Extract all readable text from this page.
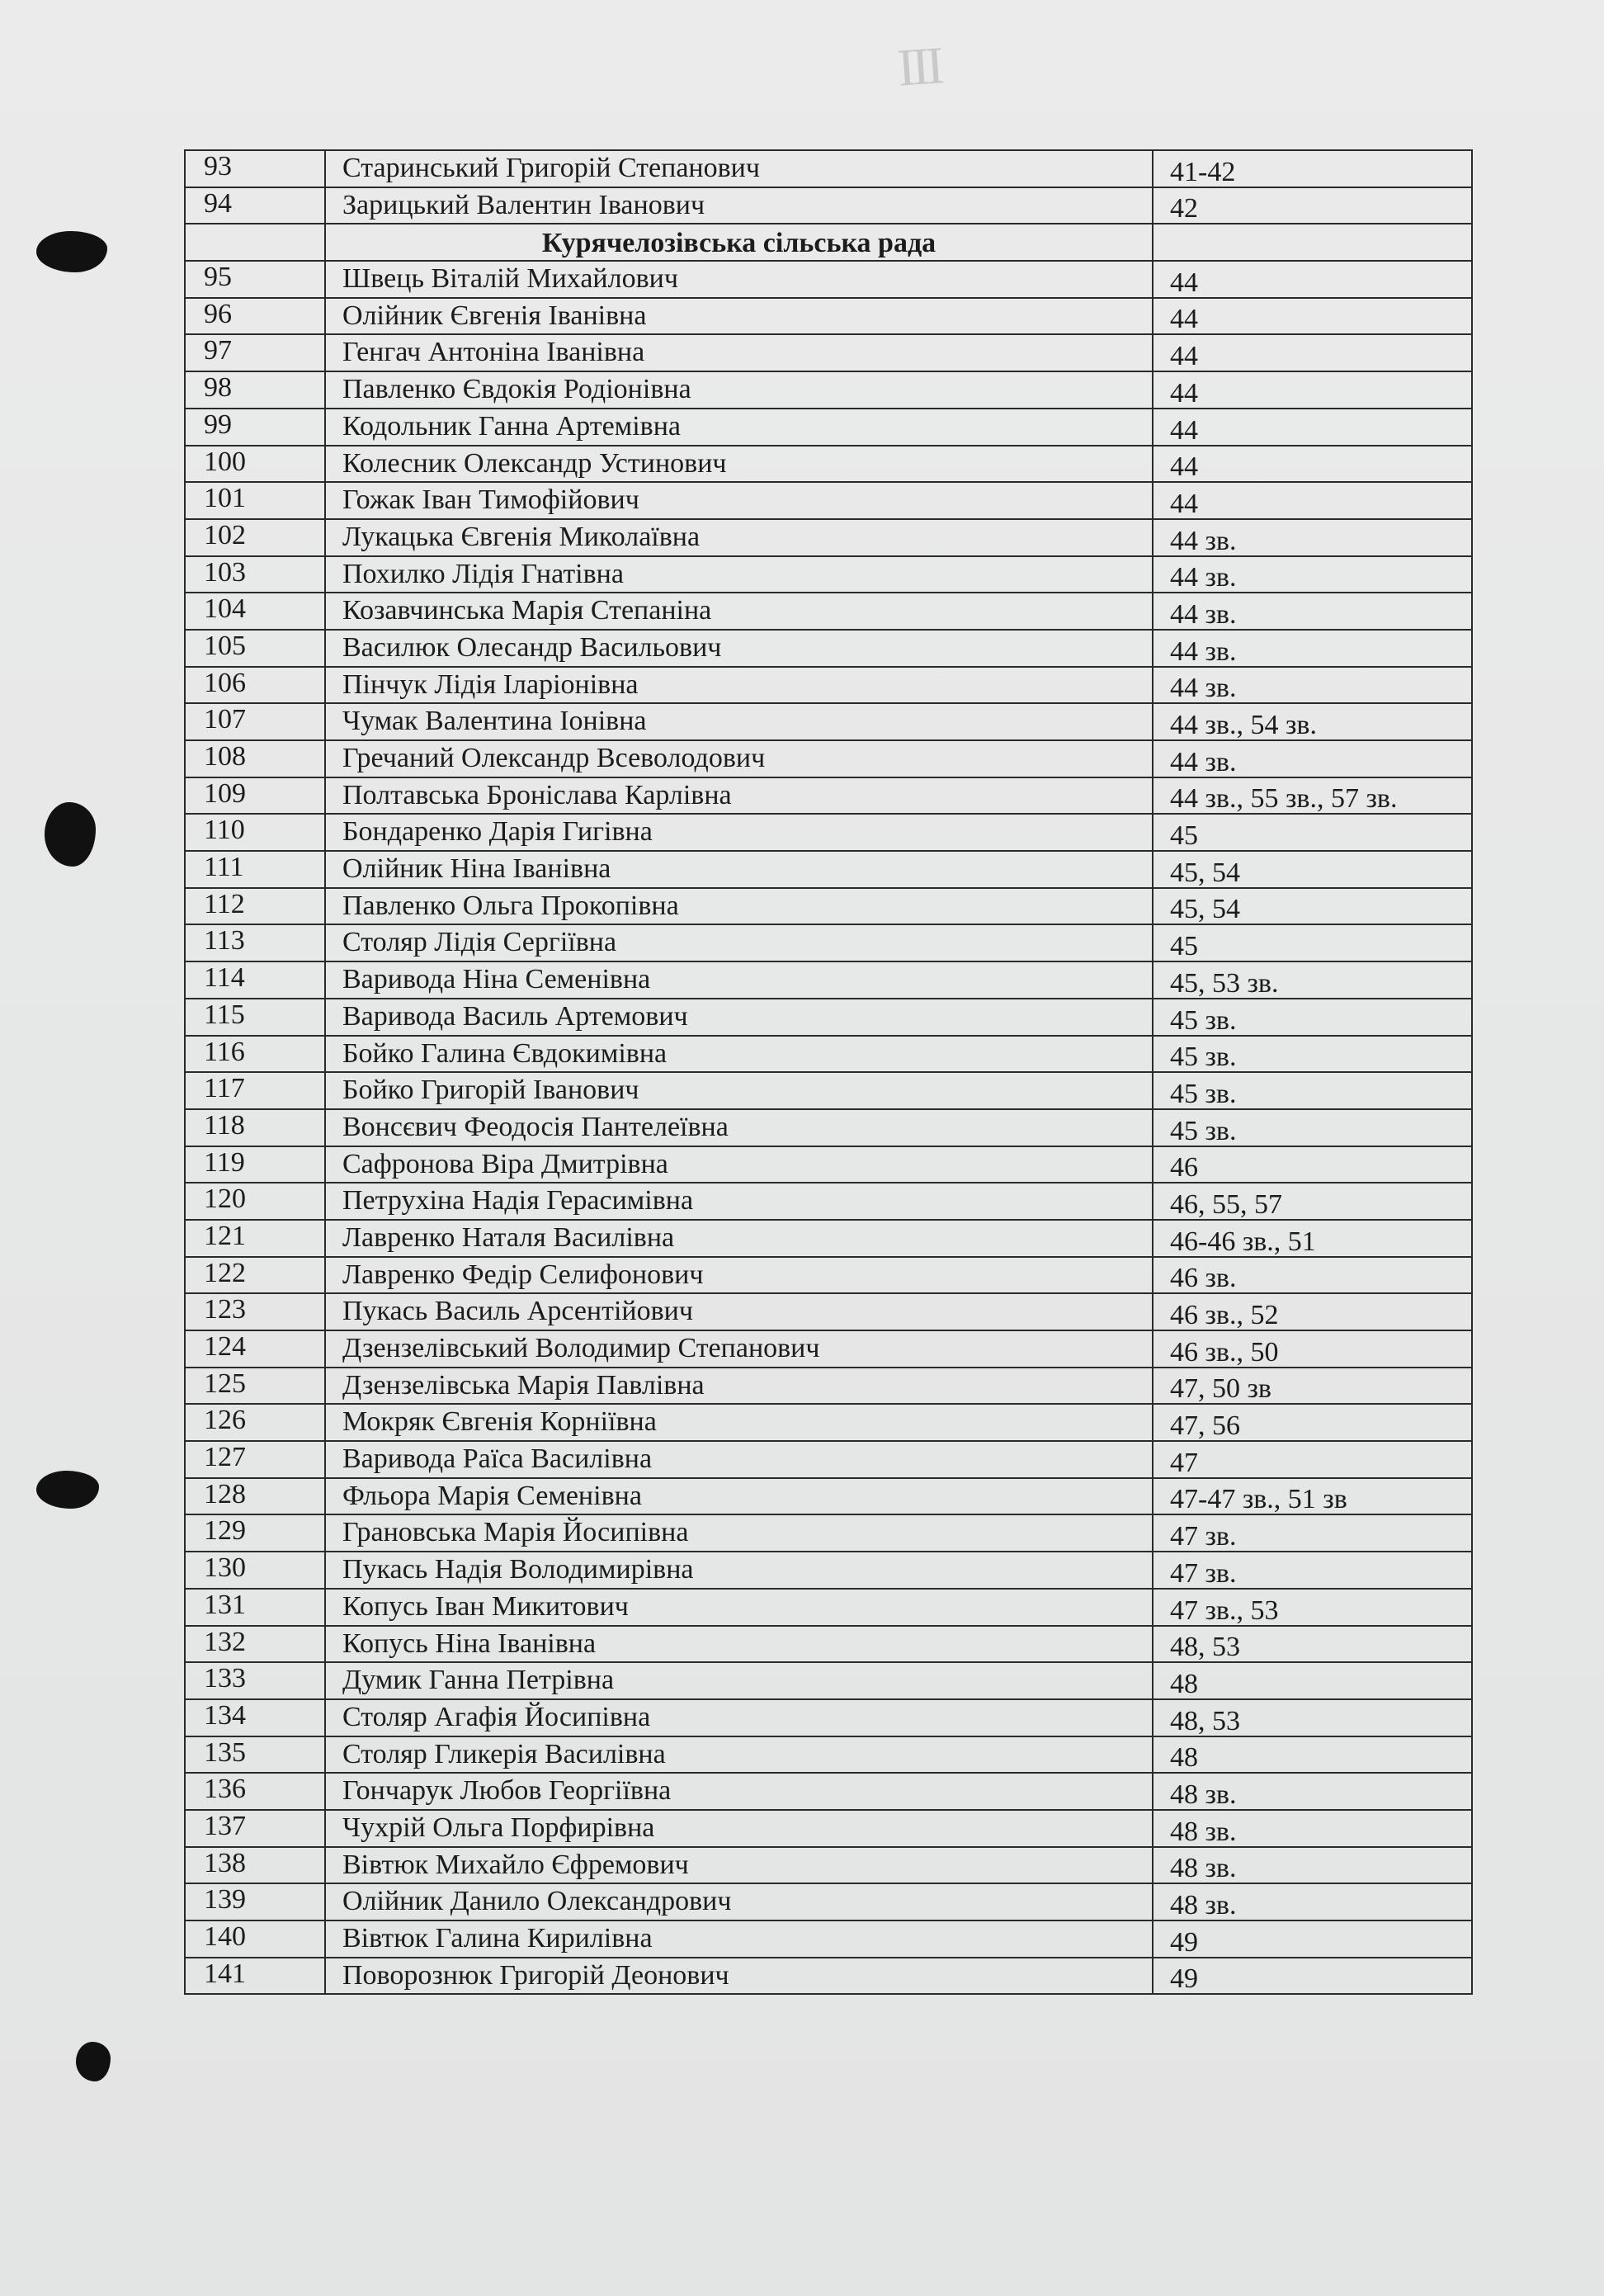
III
93	Старинський Григорій Степанович	41-42
94	Зарицький Валентин Іванович	42
	Курячелозівська сільська рада	
95	Швець Віталій Михайлович	44
96	Олійник Євгенія Іванівна	44
97	Генгач Антоніна Іванівна	44
98	Павленко Євдокія Родіонівна	44
99	Кодольник Ганна Артемівна	44
100	Колесник Олександр Устинович	44
101	Гожак Іван Тимофійович	44
102	Лукацька Євгенія Миколаївна	44 зв.
103	Похилко Лідія Гнатівна	44 зв.
104	Козавчинська Марія Степаніна	44 зв.
105	Василюк Олесандр Васильович	44 зв.
106	Пінчук Лідія Іларіонівна	44 зв.
107	Чумак Валентина Іонівна	44 зв., 54 зв.
108	Гречаний Олександр Всеволодович	44 зв.
109	Полтавська Броніслава Карлівна	44 зв., 55 зв., 57 зв.
110	Бондаренко Дарія Гигівна	45
111	Олійник Ніна Іванівна	45, 54
112	Павленко Ольга Прокопівна	45, 54
113	Столяр Лідія Сергіївна	45
114	Варивода Ніна Семенівна	45, 53 зв.
115	Варивода Василь Артемович	45 зв.
116	Бойко Галина Євдокимівна	45 зв.
117	Бойко Григорій Іванович	45 зв.
118	Вонсєвич Феодосія Пантелеївна	45 зв.
119	Сафронова Віра Дмитрівна	46
120	Петрухіна Надія Герасимівна	46, 55, 57
121	Лавренко Наталя Василівна	46-46 зв., 51
122	Лавренко Федір Селифонович	46 зв.
123	Пукась Василь Арсентійович	46 зв., 52
124	Дзензелівський Володимир Степанович	46 зв., 50
125	Дзензелівська Марія Павлівна	47, 50 зв
126	Мокряк Євгенія Корніївна	47, 56
127	Варивода Раїса Василівна	47
128	Фльора Марія Семенівна	47-47 зв., 51 зв
129	Грановська Марія Йосипівна	47 зв.
130	Пукась Надія Володимирівна	47 зв.
131	Копусь Іван Микитович	47 зв., 53
132	Копусь Ніна Іванівна	48, 53
133	Думик Ганна Петрівна	48
134	Столяр Агафія Йосипівна	48, 53
135	Столяр Гликерія Василівна	48
136	Гончарук Любов Георгіївна	48 зв.
137	Чухрій Ольга Порфирівна	48 зв.
138	Вівтюк Михайло Єфремович	48 зв.
139	Олійник Данило Олександрович	48 зв.
140	Вівтюк Галина Кирилівна	49
141	Поворознюк Григорій Деонович	49
